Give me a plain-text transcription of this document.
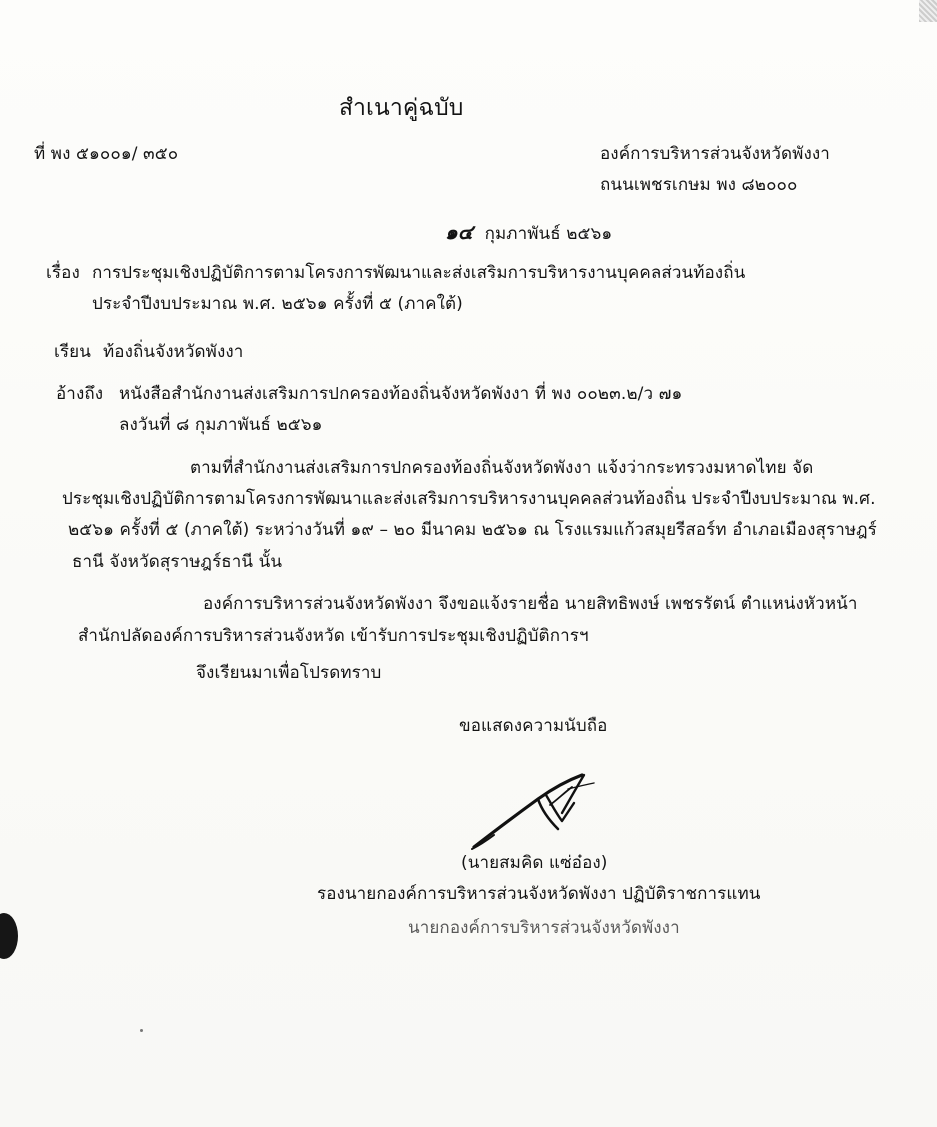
สำเนาคู่ฉบับ
ที่ พง ๕๑๐๐๑/ ๓๕๐	องค์การบริหารส่วนจังหวัดพังงา
ถนนเพชรเกษม พง ๘๒๐๐๐
๑๔ กุมภาพันธ์ ๒๕๖๑
เรื่อง การประชุมเชิงปฏิบัติการตามโครงการพัฒนาและส่งเสริมการบริหารงานบุคคลส่วนท้องถิ่น
ประจำปีงบประมาณ พ.ศ. ๒๕๖๑ ครั้งที่ ๕ (ภาคใต้)
เรียน ท้องถิ่นจังหวัดพังงา
อ้างถึง หนังสือสำนักงานส่งเสริมการปกครองท้องถิ่นจังหวัดพังงา ที่ พง ๐๐๒๓.๒/ว ๗๑
ลงวันที่ ๘ กุมภาพันธ์ ๒๕๖๑
ตามที่สำนักงานส่งเสริมการปกครองท้องถิ่นจังหวัดพังงา แจ้งว่ากระทรวงมหาดไทย จัด
ประชุมเชิงปฏิบัติการตามโครงการพัฒนาและส่งเสริมการบริหารงานบุคคลส่วนท้องถิ่น ประจำปีงบประมาณ พ.ศ.
๒๕๖๑ ครั้งที่ ๕ (ภาคใต้) ระหว่างวันที่ ๑๙ – ๒๐ มีนาคม ๒๕๖๑ ณ โรงแรมแก้วสมุยรีสอร์ท อำเภอเมืองสุราษฎร์
ธานี จังหวัดสุราษฎร์ธานี นั้น
องค์การบริหารส่วนจังหวัดพังงา จึงขอแจ้งรายชื่อ นายสิทธิพงษ์ เพชรรัตน์ ตำแหน่งหัวหน้า
สำนักปลัดองค์การบริหารส่วนจังหวัด เข้ารับการประชุมเชิงปฏิบัติการฯ
จึงเรียนมาเพื่อโปรดทราบ
ขอแสดงความนับถือ
(นายสมคิด แซ่อ๋อง)
รองนายกองค์การบริหารส่วนจังหวัดพังงา ปฏิบัติราชการแทน
นายกองค์การบริหารส่วนจังหวัดพังงา
